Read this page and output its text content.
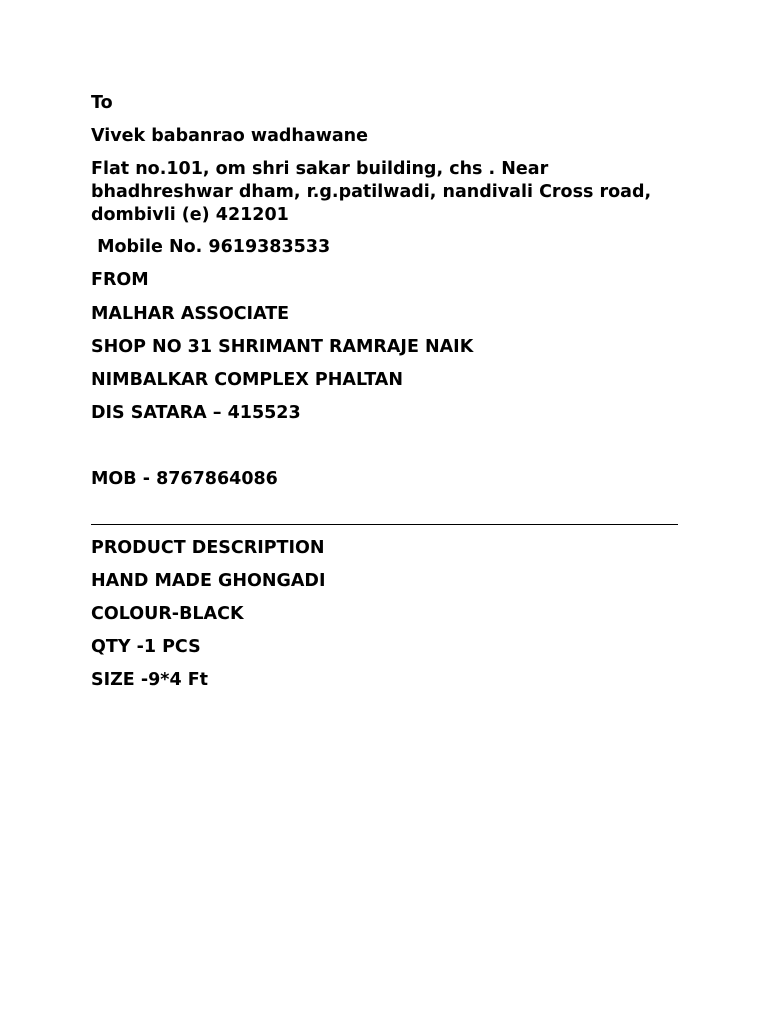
To
Vivek babanrao wadhawane
Flat no.101, om shri sakar building, chs . Near
bhadhreshwar dham, r.g.patilwadi, nandivali Cross road,
dombivli (e) 421201
Mobile No. 9619383533
FROM
MALHAR ASSOCIATE
SHOP NO 31 SHRIMANT RAMRAJE NAIK
NIMBALKAR COMPLEX PHALTAN
DIS SATARA – 415523
MOB - 8767864086
PRODUCT DESCRIPTION
HAND MADE GHONGADI
COLOUR-BLACK
QTY -1 PCS
SIZE -9*4 Ft
